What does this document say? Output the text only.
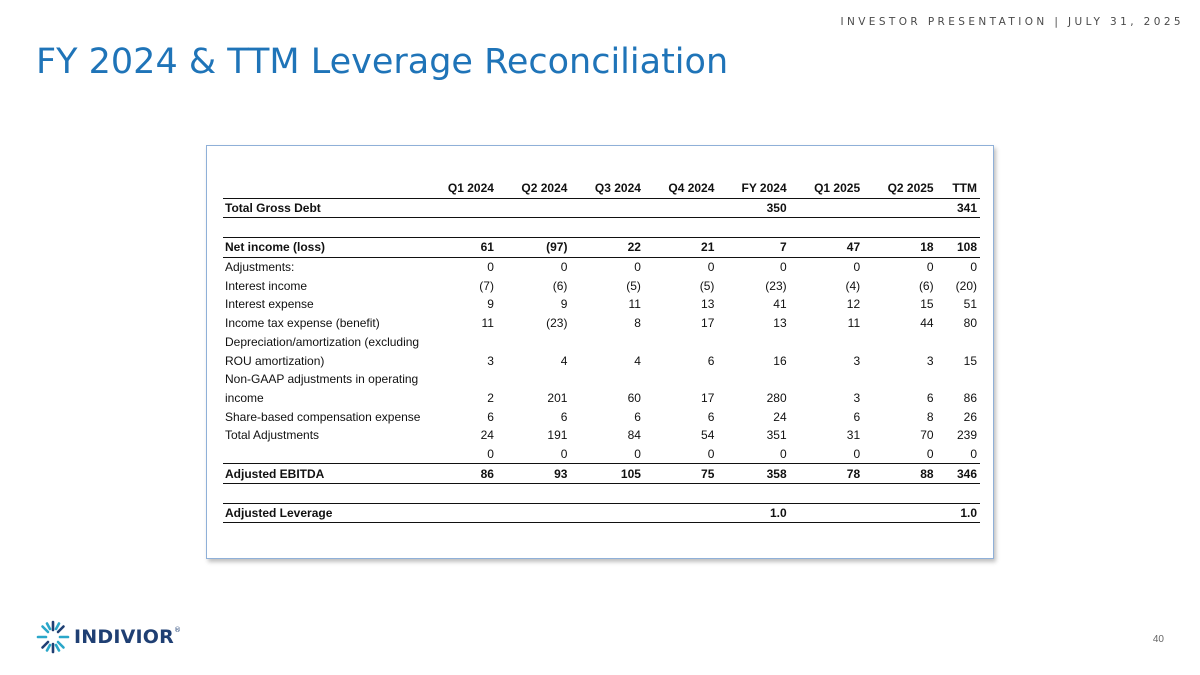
INVESTOR PRESENTATION | JULY 31, 2025
FY 2024 & TTM Leverage Reconciliation
	Q1 2024	Q2 2024	Q3 2024	Q4 2024	FY 2024	Q1 2025	Q2 2025	TTM
Total Gross Debt					350			341

Net income (loss)	61	(97)	22	21	7	47	18	108
Adjustments:	0	0	0	0	0	0	0	0
Interest income	(7)	(6)	(5)	(5)	(23)	(4)	(6)	(20)
Interest expense	9	9	11	13	41	12	15	51
Income tax expense (benefit)	11	(23)	8	17	13	11	44	80
Depreciation/amortization (excluding								
ROU amortization)	3	4	4	6	16	3	3	15
Non-GAAP adjustments in operating								
income	2	201	60	17	280	3	6	86
Share-based compensation expense	6	6	6	6	24	6	8	26
Total Adjustments	24	191	84	54	351	31	70	239
	0	0	0	0	0	0	0	0
Adjusted EBITDA	86	93	105	75	358	78	88	346

Adjusted Leverage					1.0			1.0
INDIVIOR®
40
